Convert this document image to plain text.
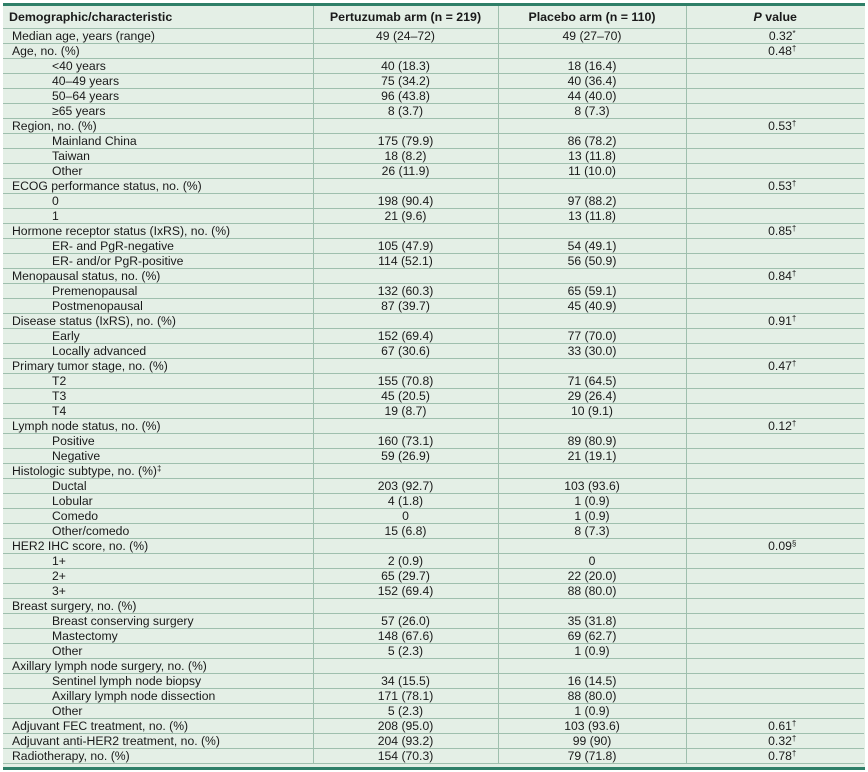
Demographic/characteristic	Pertuzumab arm (n = 219)	Placebo arm (n = 110)	P value
Median age, years (range)	49 (24–72)	49 (27–70)	0.32*
Age, no. (%)			0.48†
<40 years	40 (18.3)	18 (16.4)	
40–49 years	75 (34.2)	40 (36.4)	
50–64 years	96 (43.8)	44 (40.0)	
≥65 years	8 (3.7)	8 (7.3)	
Region, no. (%)			0.53†
Mainland China	175 (79.9)	86 (78.2)	
Taiwan	18 (8.2)	13 (11.8)	
Other	26 (11.9)	11 (10.0)	
ECOG performance status, no. (%)			0.53†
0	198 (90.4)	97 (88.2)	
1	21 (9.6)	13 (11.8)	
Hormone receptor status (IxRS), no. (%)			0.85†
ER- and PgR-negative	105 (47.9)	54 (49.1)	
ER- and/or PgR-positive	114 (52.1)	56 (50.9)	
Menopausal status, no. (%)			0.84†
Premenopausal	132 (60.3)	65 (59.1)	
Postmenopausal	87 (39.7)	45 (40.9)	
Disease status (IxRS), no. (%)			0.91†
Early	152 (69.4)	77 (70.0)	
Locally advanced	67 (30.6)	33 (30.0)	
Primary tumor stage, no. (%)			0.47†
T2	155 (70.8)	71 (64.5)	
T3	45 (20.5)	29 (26.4)	
T4	19 (8.7)	10 (9.1)	
Lymph node status, no. (%)			0.12†
Positive	160 (73.1)	89 (80.9)	
Negative	59 (26.9)	21 (19.1)	
Histologic subtype, no. (%)‡			
Ductal	203 (92.7)	103 (93.6)	
Lobular	4 (1.8)	1 (0.9)	
Comedo	0	1 (0.9)	
Other/comedo	15 (6.8)	8 (7.3)	
HER2 IHC score, no. (%)			0.09§
1+	2 (0.9)	0	
2+	65 (29.7)	22 (20.0)	
3+	152 (69.4)	88 (80.0)	
Breast surgery, no. (%)			
Breast conserving surgery	57 (26.0)	35 (31.8)	
Mastectomy	148 (67.6)	69 (62.7)	
Other	5 (2.3)	1 (0.9)	
Axillary lymph node surgery, no. (%)			
Sentinel lymph node biopsy	34 (15.5)	16 (14.5)	
Axillary lymph node dissection	171 (78.1)	88 (80.0)	
Other	5 (2.3)	1 (0.9)	
Adjuvant FEC treatment, no. (%)	208 (95.0)	103 (93.6)	0.61†
Adjuvant anti-HER2 treatment, no. (%)	204 (93.2)	99 (90)	0.32†
Radiotherapy, no. (%)	154 (70.3)	79 (71.8)	0.78†
